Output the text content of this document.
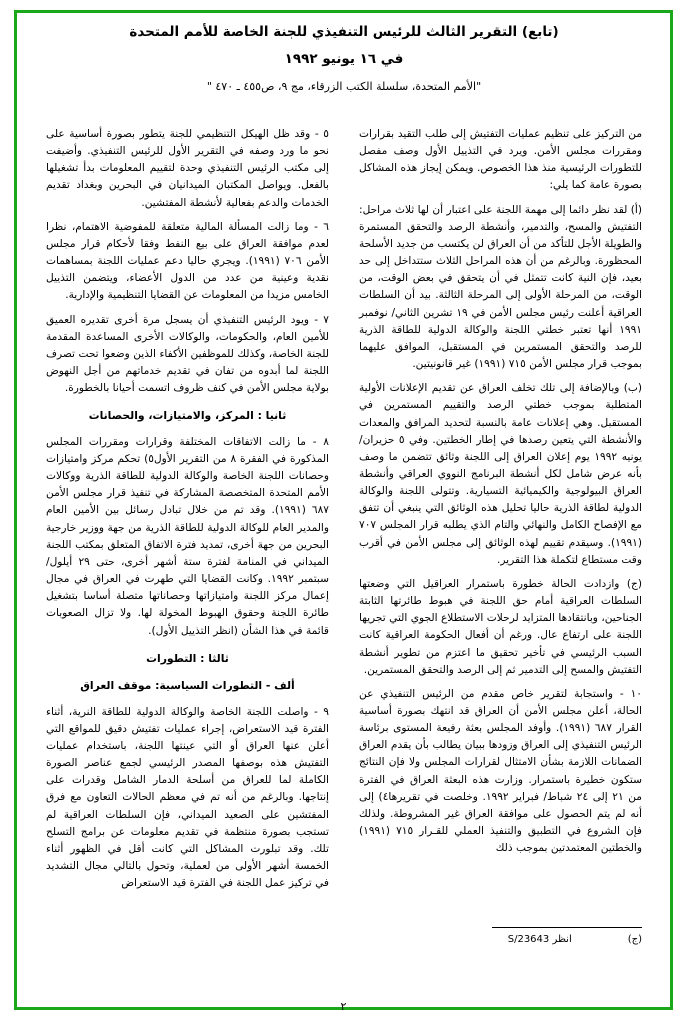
(تابع) التقرير الثالث للرئيس التنفيذي للجنة الخاصة للأمم المتحدة
في ١٦ يونيو ١٩٩٢
"الأمم المتحدة، سلسلة الكتب الزرقاء، مج ٩، ص٤٥٥ ـ ٤٧٠ "

من التركيز على تنظيم عمليات التفتيش إلى طلب التقيد بقرارات ومقررات مجلس الأمن. ويرد في التذييل الأول وصف مفصل للتطورات الرئيسية منذ هذا الخصوص. ويمكن إيجاز هذه المشاكل بصورة عامة كما يلي:

(أ) لقد نظر دائما إلى مهمة اللجنة على اعتبار أن لها ثلاث مراحل: التفتيش والمسح، والتدمير، وأنشطة الرصد والتحقق المستمرة والطويلة الأجل للتأكد من أن العراق لن يكتسب من جديد الأسلحة المحظورة. وبالرغم من أن هذه المراحل الثلاث ستتداخل إلى حد بعيد، فإن النية كانت تتمثل في أن يتحقق في بعض الوقت، من الوقت، من المرحلة الأولى إلى المرحلة الثالثة. بيد أن السلطات العراقية أعلنت رئيس مجلس الأمن في ١٩ تشرين الثاني/ نوفمبر ١٩٩١ أنها تعتبر خطتي اللجنة والوكالة الدولية للطاقة الذرية للرصد والتحقق المستمرين في المستقبل، الموافق عليهما بموجب قرار مجلس الأمن ٧١٥ (١٩٩١) غير قانونيتين.

(ب) وبالإضافة إلى تلك تخلف العراق عن تقديم الإعلانات الأولية المتطلبة بموجب خطتي الرصد والتقييم المستمرين في المستقبل. وهي إعلانات عامة بالنسبة لتحديد المرافق والمعدات والأنشطة التي يتعين رصدها في إطار الخطتين. وفي ٥ حزيران/يونيه ١٩٩٢ يوم إعلان العراق إلى اللجنة وثائق تتضمن ما وصف بأنه عرض شامل لكل أنشطة البرنامج النووي العراقي وأنشطة العراق البيولوجية والكيميائية التسيارية. وتتولى اللجنة والوكالة الدولية لطاقة الذرية حاليا تحليل هذه الوثائق التي ينبغي أن تتفق مع الإفصاح الكامل والنهائي والتام الذي يطلبه قرار المجلس ٧٠٧ (١٩٩١). وسيقدم تقييم لهذه الوثائق إلى مجلس الأمن في أقرب وقت مستطاع لتكملة هذا التقرير.

(ج) وازدادت الحالة خطورة باستمرار العراقيل التي وضعتها السلطات العراقية أمام حق اللجنة في هبوط طائرتها الثابتة الجناحين، وبانتقادها المتزايد لرحلات الاستطلاع الجوي التي تجريها اللجنة على ارتفاع عال. ورغم أن أفعال الحكومة العراقية كانت السبب الرئيسي في تأخير تحقيق ما اعتزم من تطوير أنشطة التفتيش والمسح إلى التدمير ثم إلى الرصد والتحقق المستمرين.

١٠ - واستجابة لتقرير خاص مقدم من الرئيس التنفيذي عن الحالة، أعلن مجلس الأمن أن العراق قد انتهك بصورة أساسية القرار ٦٨٧ (١٩٩١). وأوفد المجلس بعثة رفيعة المستوى برئاسة الرئيس التنفيذي إلى العراق وزودها ببيان يطالب بأن يقدم العراق الضمانات اللازمة بشأن الامتثال لقرارات المجلس ولا فإن النتائج ستكون خطيرة باستمرار. وزارت هذه البعثة العراق في الفترة من ٢١ إلى ٢٤ شباط/ فبراير ١٩٩٢. وخلصت في تقريرها٤) إلى أنه لم يتم الحصول على موافقة العراق غير المشروطة. ولذلك فإن الشروع في التطبيق والتنفيذ العملي للقـرار ٧١٥ (١٩٩١) والخطتين المعتمدتين بموجب ذلك

٥ - وقد ظل الهيكل التنظيمي للجنة يتطور بصورة أساسية على نحو ما ورد وصفه في التقرير الأول للرئيس التنفيذي. وأضيفت إلى مكتب الرئيس التنفيذي وحدة لتقييم المعلومات بدأ تشغيلها بالفعل. ويواصل المكتبان الميدانيان في البحرين وبغداد تقديم الخدمات والدعم بفعالية لأنشطة المفتشين.

٦ - وما زالت المسألة المالية متعلقة للمفوضية الاهتمام، نظرا لعدم موافقة العراق على بيع النفط وفقا لأحكام قرار مجلس الأمن ٧٠٦ (١٩٩١). ويجري حاليا دعم عمليات اللجنة بمساهمات نقدية وعينية من عدد من الدول الأعضاء، ويتضمن التذييل الخامس مزيدا من المعلومات عن القضايا التنظيمية والإدارية.

٧ - ويود الرئيس التنفيذي أن يسجل مرة أخرى تقديره العميق للأمين العام، والحكومات، والوكالات الأخرى المساعدة المقدمة للجنة الخاصة، وكذلك للموظفين الأكفاء الذين وضعوا تحت تصرف اللجنة لما أبدوه من تفان في تقديم خدماتهم من أجل النهوض بولاية مجلس الأمن في كنف ظروف اتسمت أحيانا بالخطورة.

ثانيا : المركز، والامتيازات، والحصانات

٨ - ما زالت الاتفاقات المختلفة وقرارات ومقررات المجلس المذكورة في الفقرة ٨ من التقرير الأول٥) تحكم مركز وامتيازات وحصانات اللجنة الخاصة والوكالة الدولية للطاقة الذرية ووكالات الأمم المتحدة المتخصصة المشاركة في تنفيذ قرار مجلس الأمن ٦٨٧ (١٩٩١). وقد تم من خلال تبادل رسائل بين الأمين العام والمدير العام للوكالة الدولية للطاقة الذرية من جهة ووزير خارجية البحرين من جهة أخرى، تمديد فترة الاتفاق المتعلق بمكتب اللجنة الميداني في المنامة لفترة ستة أشهر أخرى، حتى ٢٩ أيلول/ سبتمبر ١٩٩٢. وكانت القضايا التي طهرت في العراق في مجال إعمال مركز اللجنة وامتيازاتها وحصاناتها متصلة أساسا بتشغيل طائرة اللجنة وحقوق الهبوط المخولة لها. ولا تزال الصعوبات قائمة في هذا الشأن (انظر التذييل الأول).

ثالثا : التطورات
ألف - التطورات السياسية: موقف العراق

٩ - واصلت اللجنة الخاصة والوكالة الدولية للطاقة النرية، أثناء الفترة قيد الاستعراض، إجراء عمليات تفتيش دقيق للمواقع التي أعلن عنها العراق أو التي عينتها اللجنة، باستخدام عمليات التفتيش هذه بوصفها المصدر الرئيسي لجمع عناصر الصورة الكاملة لما للعراق من أسلحة الدمار الشامل وقدرات على إنتاجها. وبالرغم من أنه تم في معظم الحالات التعاون مع فرق المفتشين على الصعيد الميداني، فإن السلطات العراقية لم تستجب بصورة منتظمة في تقديم معلومات عن برامج التسلح تلك. وقد تبلورت المشاكل التي كانت أقل في الظهور أثناء الخمسة أشهر الأولى من لعملية، وتحول بالتالي مجال التشديد في تركيز عمل اللجنة في الفترة قيد الاستعراض

(ج)
انظر S/23643
٢
